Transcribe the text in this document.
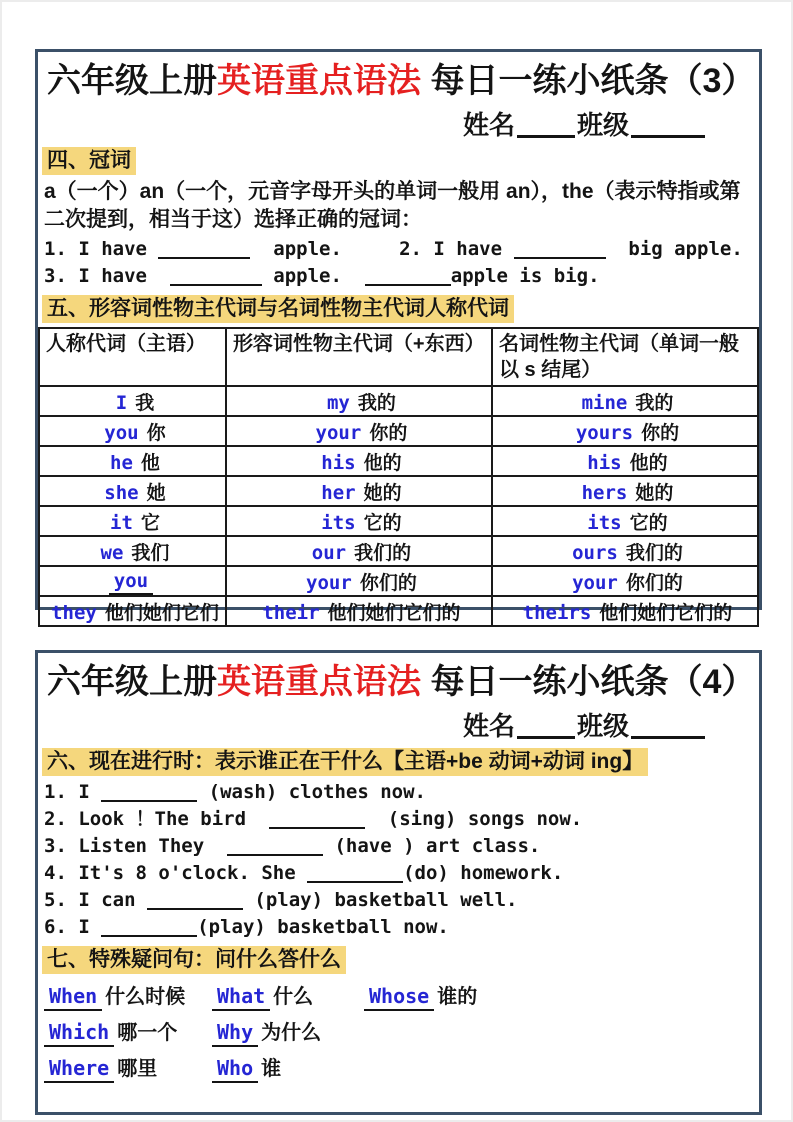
六年级上册英语重点语法 每日一练小纸条（3）
姓名 班级
四、冠词
a（一个）an（一个，元音字母开头的单词一般用 an），the（表示特指或第二次提到，相当于这）选择正确的冠词：
1. I have	apple.     2. I have	big apple.
3. I have	apple.	apple is big.
五、形容词性物主代词与名词性物主代词人称代词
人称代词（主语）	形容词性物主代词（+东西）	名词性物主代词（单词一般以 s 结尾）
I 我	my 我的	mine 我的
you 你	your 你的	yours 你的
he 他	his 他的	his 他的
she 她	her 她的	hers 她的
it 它	its 它的	its 它的
we 我们	our 我们的	ours 我们的
you	your 你们的	your 你们的
they 他们她们它们	their 他们她们它们的	theirs 他们她们它们的
六年级上册英语重点语法 每日一练小纸条（4）
姓名 班级
六、现在进行时：表示谁正在干什么【主语+be 动词+动词 ing】
1. I	(wash) clothes now.
2. Look ！The bird	(sing) songs now.
3. Listen They	(have ) art class.
4. It's 8 o'clock. She	(do) homework.
5. I can	(play) basketball well.
6. I	(play) basketball now.
七、特殊疑问句：问什么答什么
When 什么时候	What 什么	Whose 谁的
Which 哪一个	Why 为什么
Where 哪里	Who 谁
